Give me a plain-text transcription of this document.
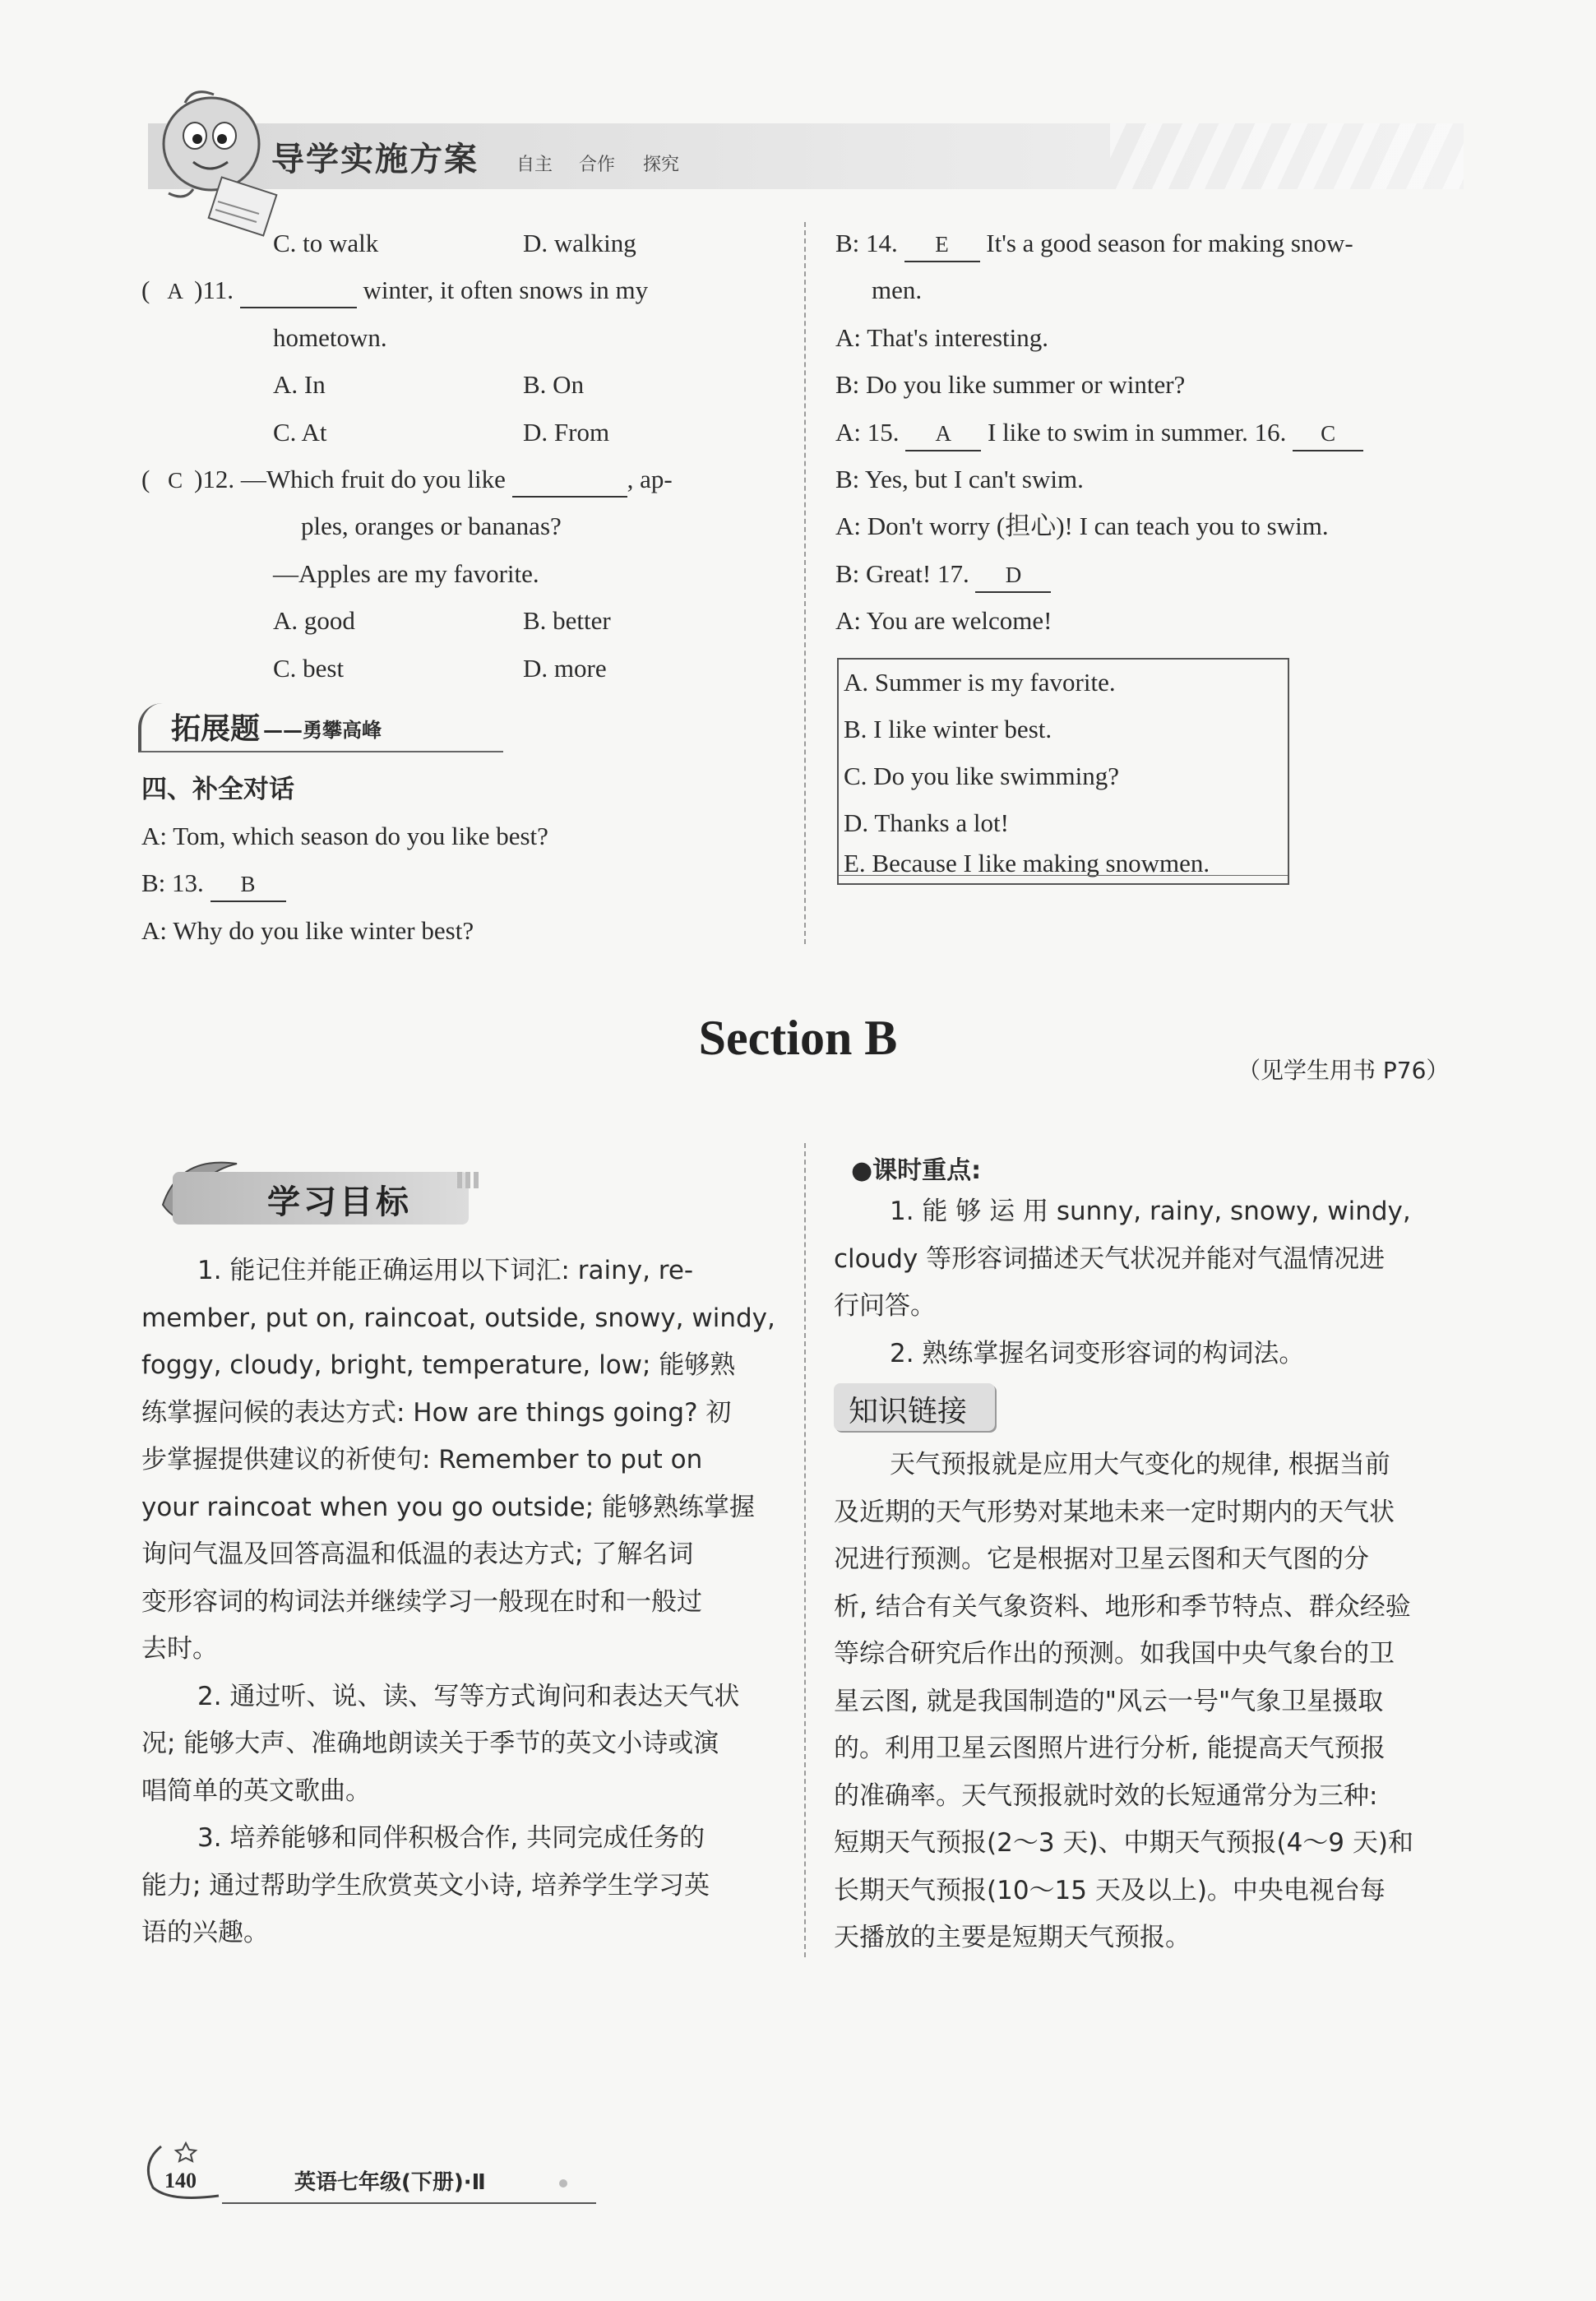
导学实施方案 自主 合作 探究
C. to walk	D. walking
( A )11.	winter, it often snows in my
hometown.
A. In	B. On
C. At	D. From
( C )12. —Which fruit do you like	, ap-
ples, oranges or bananas?
—Apples are my favorite.
A. good	B. better
C. best	D. more
拓展题 ——勇攀高峰
四、补全对话
A: Tom, which season do you like best?
B: 13. B
A: Why do you like winter best?
B: 14. E It's a good season for making snow-
men.
A: That's interesting.
B: Do you like summer or winter?
A: 15. A I like to swim in summer. 16. C
B: Yes, but I can't swim.
A: Don't worry (担心)! I can teach you to swim.
B: Great! 17. D
A: You are welcome!
A. Summer is my favorite.
B. I like winter best.
C. Do you like swimming?
D. Thanks a lot!
E. Because I like making snowmen.
Section B
（见学生用书 P76）
学习目标
1. 能记住并能正确运用以下词汇: rainy, re-
member, put on, raincoat, outside, snowy, windy,
foggy, cloudy, bright, temperature, low; 能够熟
练掌握问候的表达方式: How are things going? 初
步掌握提供建议的祈使句: Remember to put on
your raincoat when you go outside; 能够熟练掌握
询问气温及回答高温和低温的表达方式; 了解名词
变形容词的构词法并继续学习一般现在时和一般过
去时。
2. 通过听、说、读、写等方式询问和表达天气状
况; 能够大声、准确地朗读关于季节的英文小诗或演
唱简单的英文歌曲。
3. 培养能够和同伴积极合作, 共同完成任务的
能力; 通过帮助学生欣赏英文小诗, 培养学生学习英
语的兴趣。
●课时重点:
1. 能 够 运 用 sunny, rainy, snowy, windy,
cloudy 等形容词描述天气状况并能对气温情况进
行问答。
2. 熟练掌握名词变形容词的构词法。
知识链接
天气预报就是应用大气变化的规律, 根据当前
及近期的天气形势对某地未来一定时期内的天气状
况进行预测。它是根据对卫星云图和天气图的分
析, 结合有关气象资料、地形和季节特点、群众经验
等综合研究后作出的预测。如我国中央气象台的卫
星云图, 就是我国制造的"风云一号"气象卫星摄取
的。利用卫星云图照片进行分析, 能提高天气预报
的准确率。天气预报就时效的长短通常分为三种:
短期天气预报(2～3 天)、中期天气预报(4～9 天)和
长期天气预报(10～15 天及以上)。中央电视台每
天播放的主要是短期天气预报。
140	英语七年级(下册)·Ⅱ
